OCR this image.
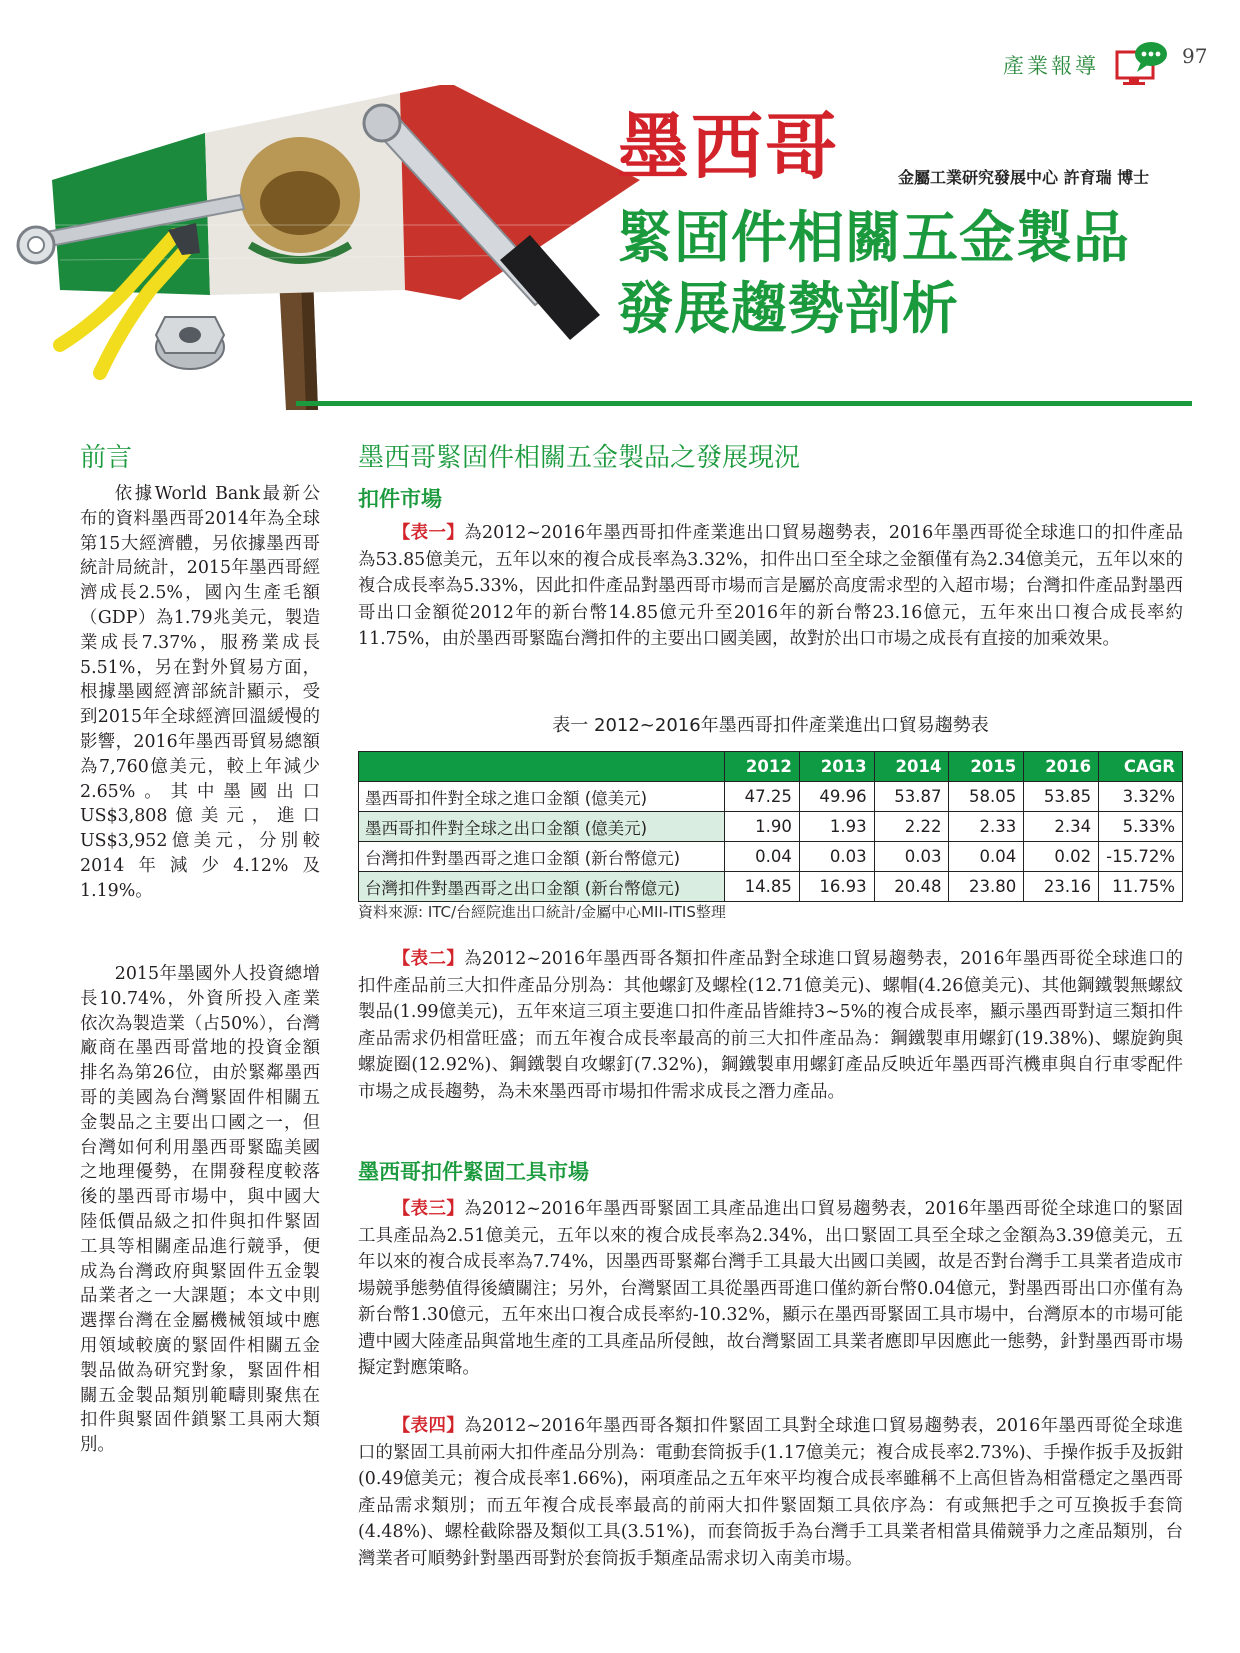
產業報導	97
墨西哥	金屬工業研究發展中心 許育瑞 博士
緊固件相關五金製品
發展趨勢剖析
前言
依據World Bank最新公布的資料墨西哥2014年為全球第15大經濟體，另依據墨西哥統計局統計，2015年墨西哥經濟成長2.5%，國內生產毛額（GDP）為1.79兆美元，製造業成長7.37%，服務業成長5.51%，另在對外貿易方面，根據墨國經濟部統計顯示，受到2015年全球經濟回溫緩慢的影響，2016年墨西哥貿易總額為7,760億美元，較上年減少2.65%。其中墨國出口US$3,808億美元，進口US$3,952億美元，分別較2014年減少4.12%及1.19%。
2015年墨國外人投資總增長10.74%，外資所投入產業依次為製造業（占50%），台灣廠商在墨西哥當地的投資金額排名為第26位，由於緊鄰墨西哥的美國為台灣緊固件相關五金製品之主要出口國之一，但台灣如何利用墨西哥緊臨美國之地理優勢，在開發程度較落後的墨西哥市場中，與中國大陸低價品級之扣件與扣件緊固工具等相關產品進行競爭，便成為台灣政府與緊固件五金製品業者之一大課題；本文中則選擇台灣在金屬機械領域中應用領域較廣的緊固件相關五金製品做為研究對象，緊固件相關五金製品類別範疇則聚焦在扣件與緊固件鎖緊工具兩大類別。
墨西哥緊固件相關五金製品之發展現況
扣件市場

【表一】為2012~2016年墨西哥扣件產業進出口貿易趨勢表，2016年墨西哥從全球進口的扣件產品為53.85億美元，五年以來的複合成長率為3.32%，扣件出口至全球之金額僅有為2.34億美元，五年以來的複合成長率為5.33%，因此扣件產品對墨西哥市場而言是屬於高度需求型的入超市場；台灣扣件產品對墨西哥出口金額從2012年的新台幣14.85億元升至2016年的新台幣23.16億元，五年來出口複合成長率約11.75%，由於墨西哥緊臨台灣扣件的主要出口國美國，故對於出口市場之成長有直接的加乘效果。

表一 2012~2016年墨西哥扣件產業進出口貿易趨勢表
	2012	2013	2014	2015	2016	CAGR
墨西哥扣件對全球之進口金額 (億美元)	47.25	49.96	53.87	58.05	53.85	3.32%
墨西哥扣件對全球之出口金額 (億美元)	1.90	1.93	2.22	2.33	2.34	5.33%
台灣扣件對墨西哥之進口金額 (新台幣億元)	0.04	0.03	0.03	0.04	0.02	-15.72%
台灣扣件對墨西哥之出口金額 (新台幣億元)	14.85	16.93	20.48	23.80	23.16	11.75%
資料來源: ITC/台經院進出口統計/金屬中心MII-ITIS整理

【表二】為2012~2016年墨西哥各類扣件產品對全球進口貿易趨勢表，2016年墨西哥從全球進口的扣件產品前三大扣件產品分別為：其他螺釘及螺栓(12.71億美元)、螺帽(4.26億美元)、其他鋼鐵製無螺紋製品(1.99億美元)，五年來這三項主要進口扣件產品皆維持3~5%的複合成長率，顯示墨西哥對這三類扣件產品需求仍相當旺盛；而五年複合成長率最高的前三大扣件產品為：鋼鐵製車用螺釘(19.38%)、螺旋鉤與螺旋圈(12.92%)、鋼鐵製自攻螺釘(7.32%)，鋼鐵製車用螺釘產品反映近年墨西哥汽機車與自行車零配件市場之成長趨勢，為未來墨西哥市場扣件需求成長之潛力產品。

墨西哥扣件緊固工具市場

【表三】為2012~2016年墨西哥緊固工具產品進出口貿易趨勢表，2016年墨西哥從全球進口的緊固工具產品為2.51億美元，五年以來的複合成長率為2.34%，出口緊固工具至全球之金額為3.39億美元，五年以來的複合成長率為7.74%，因墨西哥緊鄰台灣手工具最大出國口美國，故是否對台灣手工具業者造成市場競爭態勢值得後續關注；另外，台灣緊固工具從墨西哥進口僅約新台幣0.04億元，對墨西哥出口亦僅有為新台幣1.30億元，五年來出口複合成長率約-10.32%，顯示在墨西哥緊固工具市場中，台灣原本的市場可能遭中國大陸產品與當地生產的工具產品所侵蝕，故台灣緊固工具業者應即早因應此一態勢，針對墨西哥市場擬定對應策略。

【表四】為2012~2016年墨西哥各類扣件緊固工具對全球進口貿易趨勢表，2016年墨西哥從全球進口的緊固工具前兩大扣件產品分別為：電動套筒扳手(1.17億美元；複合成長率2.73%)、手操作扳手及扳鉗(0.49億美元；複合成長率1.66%)，兩項產品之五年來平均複合成長率雖稱不上高但皆為相當穩定之墨西哥產品需求類別；而五年複合成長率最高的前兩大扣件緊固類工具依序為：有或無把手之可互換扳手套筒(4.48%)、螺栓截除器及類似工具(3.51%)，而套筒扳手為台灣手工具業者相當具備競爭力之產品類別，台灣業者可順勢針對墨西哥對於套筒扳手類產品需求切入南美市場。
